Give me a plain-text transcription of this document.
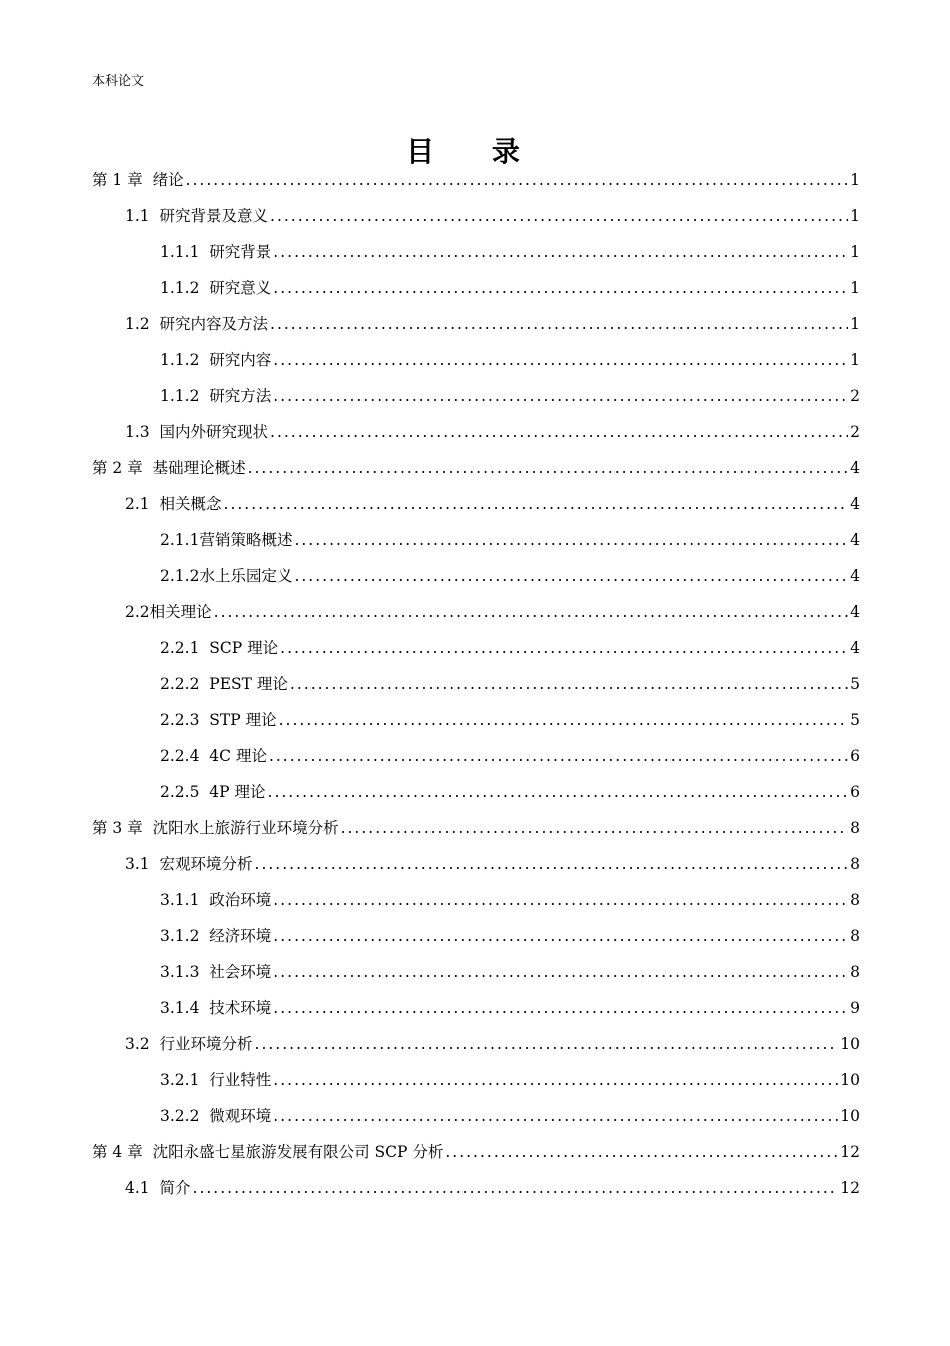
本科论文
目 录
第 1 章  绪论 .....	1
1.1  研究背景及意义 .....	1
1.1.1  研究背景 .....	1
1.1.2  研究意义 .....	1
1.2  研究内容及方法 .....	1
1.1.2  研究内容 .....	1
1.1.2  研究方法 .....	2
1.3  国内外研究现状 .....	2
第 2 章  基础理论概述 .....	4
2.1  相关概念 .....	4
2.1.1营销策略概述 .....	4
2.1.2水上乐园定义 .....	4
2.2相关理论 .....	4
2.2.1  SCP 理论 .....	4
2.2.2  PEST 理论 .....	5
2.2.3  STP 理论 .....	5
2.2.4  4C 理论 .....	6
2.2.5  4P 理论 .....	6
第 3 章  沈阳水上旅游行业环境分析 .....	8
3.1  宏观环境分析 .....	8
3.1.1  政治环境 .....	8
3.1.2  经济环境 .....	8
3.1.3  社会环境 .....	8
3.1.4  技术环境 .....	9
3.2  行业环境分析 .....	10
3.2.1  行业特性 .....	10
3.2.2  微观环境 .....	10
第 4 章  沈阳永盛七星旅游发展有限公司 SCP 分析 .....	12
4.1  简介 .....	12
